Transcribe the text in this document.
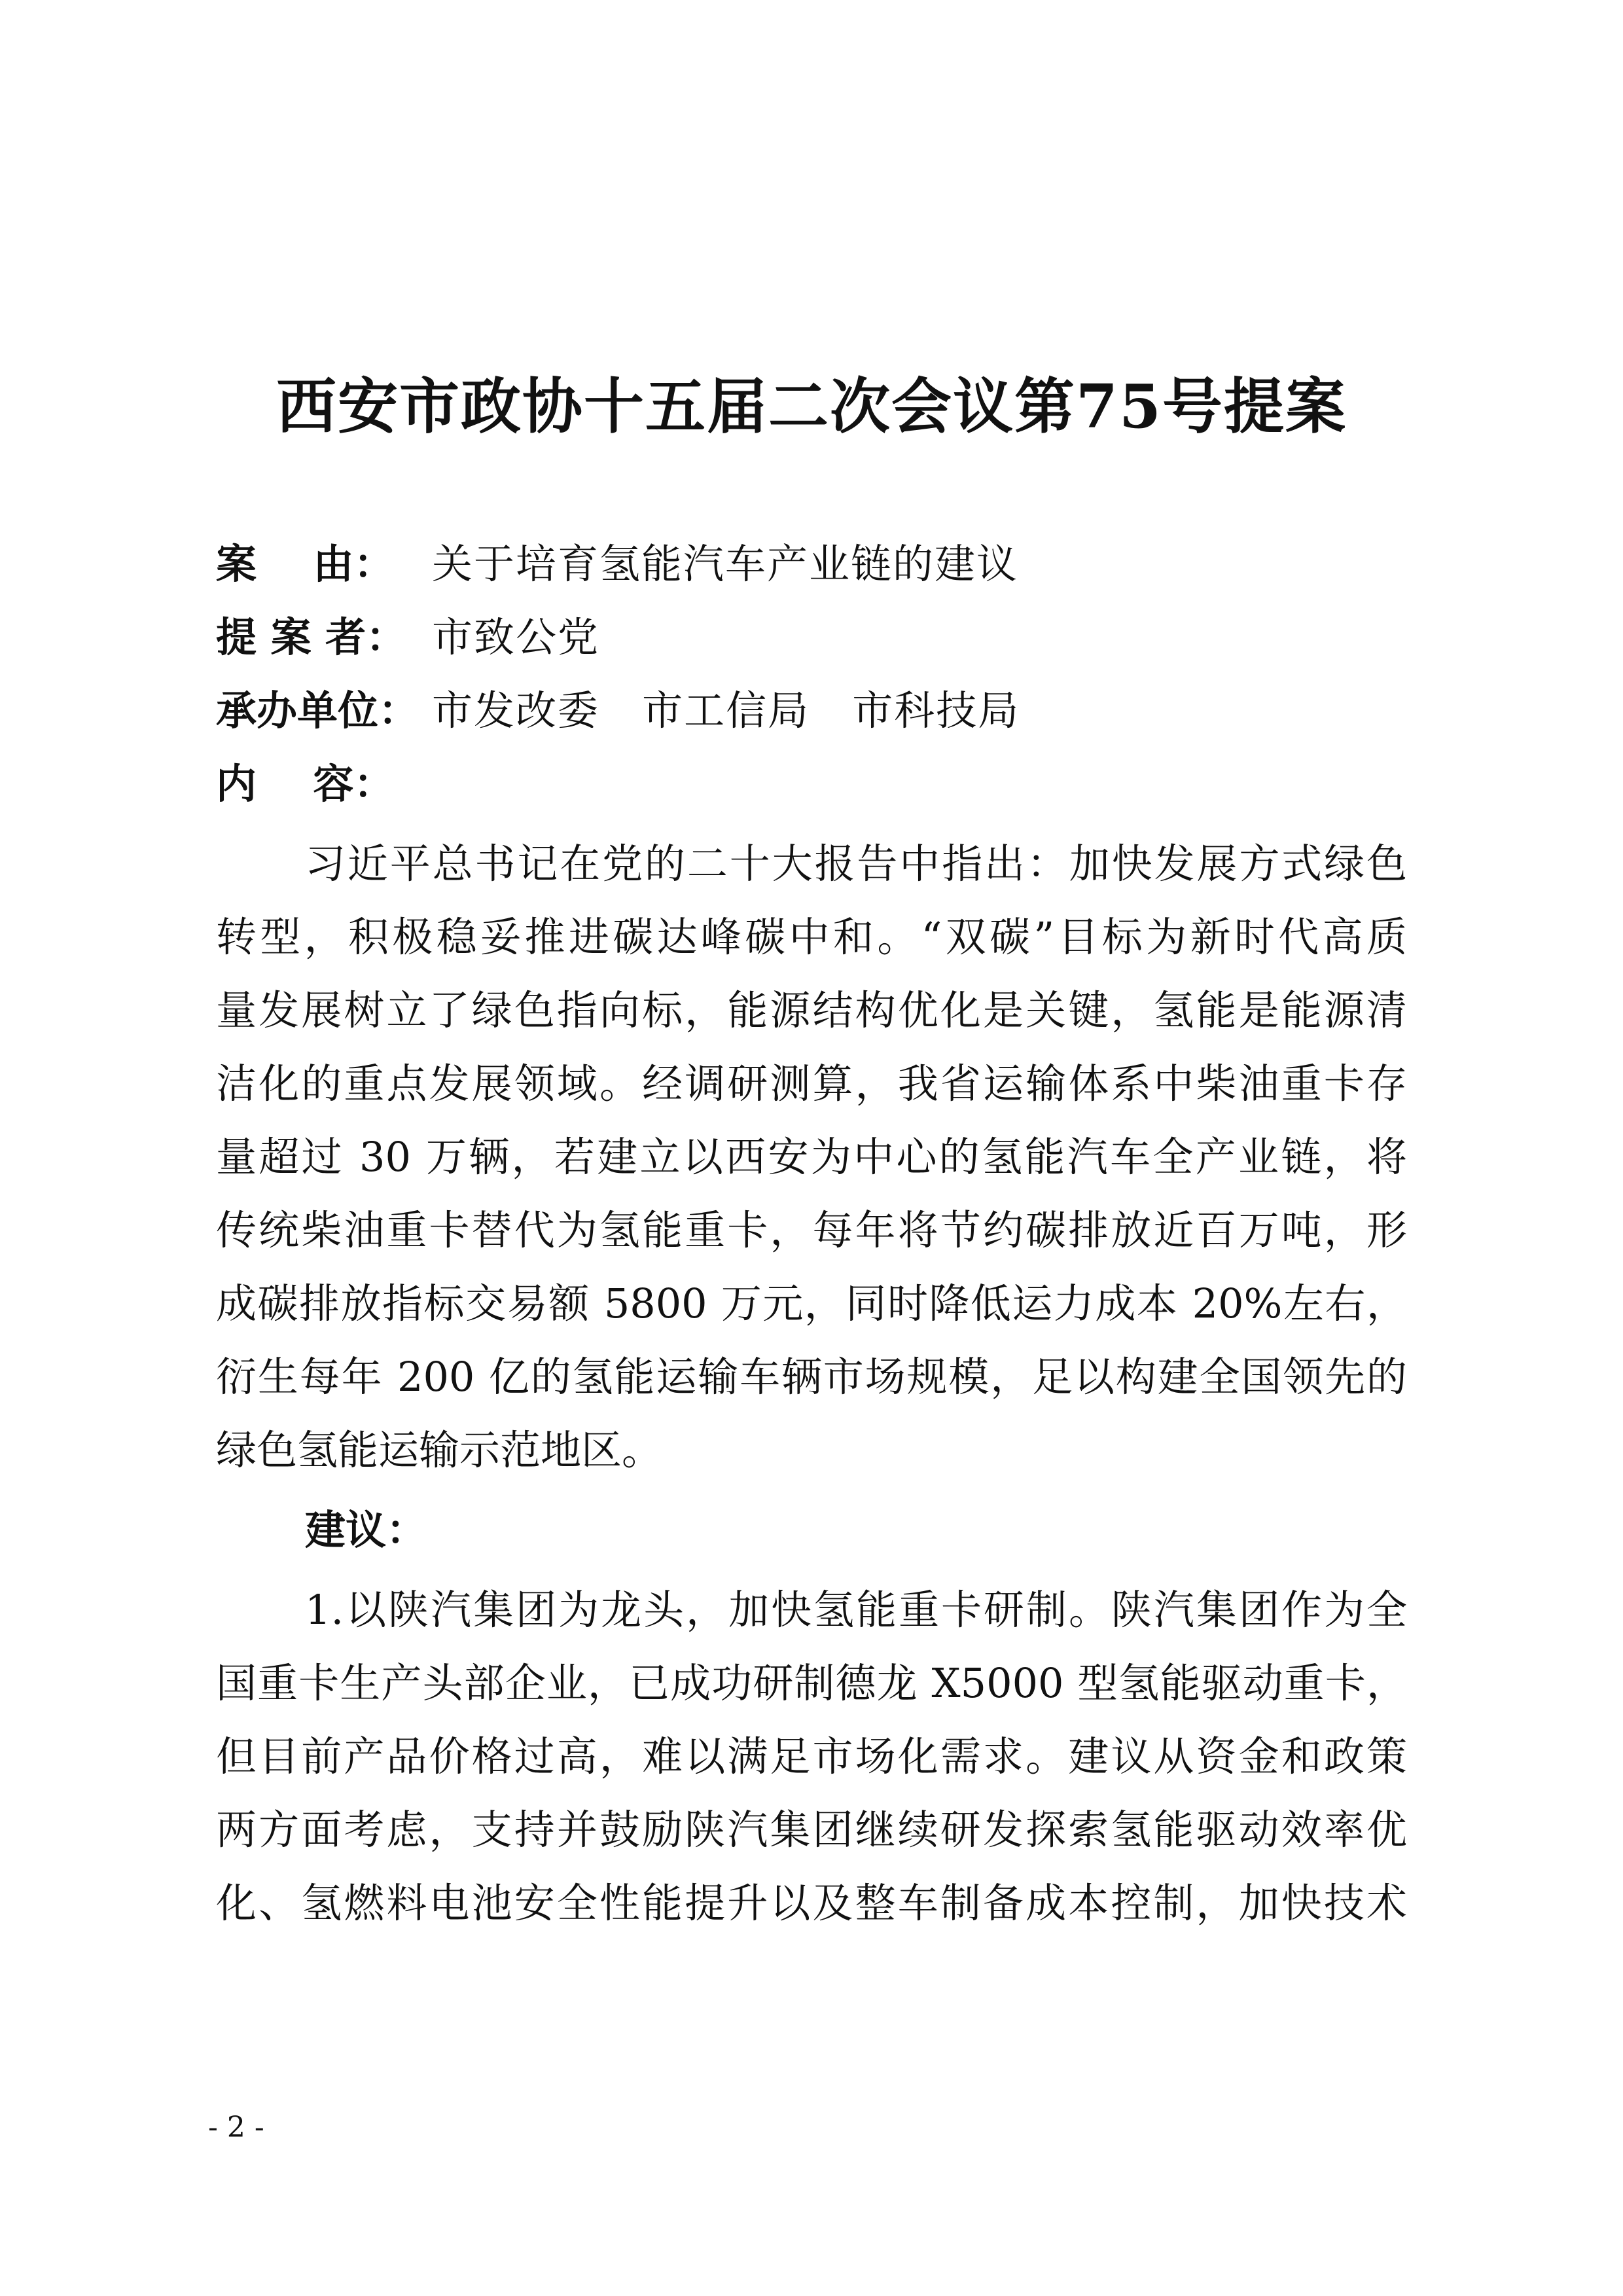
西安市政协十五届二次会议第75号提案
案    由： 关于培育氢能汽车产业链的建议
提 案 者： 市致公党
承办单位： 市发改委   市工信局   市科技局
内    容：
习近平总书记在党的二十大报告中指出：加快发展方式绿色
转型，积极稳妥推进碳达峰碳中和。“双碳”目标为新时代高质
量发展树立了绿色指向标，能源结构优化是关键，氢能是能源清
洁化的重点发展领域。经调研测算，我省运输体系中柴油重卡存
量超过 30 万辆，若建立以西安为中心的氢能汽车全产业链，将
传统柴油重卡替代为氢能重卡，每年将节约碳排放近百万吨，形
成碳排放指标交易额 5800 万元，同时降低运力成本 20%左右，
衍生每年 200 亿的氢能运输车辆市场规模，足以构建全国领先的
绿色氢能运输示范地区。
建议：
1.以陕汽集团为龙头，加快氢能重卡研制。陕汽集团作为全
国重卡生产头部企业，已成功研制德龙 X5000 型氢能驱动重卡，
但目前产品价格过高，难以满足市场化需求。建议从资金和政策
两方面考虑，支持并鼓励陕汽集团继续研发探索氢能驱动效率优
化、氢燃料电池安全性能提升以及整车制备成本控制，加快技术
- 2 -
